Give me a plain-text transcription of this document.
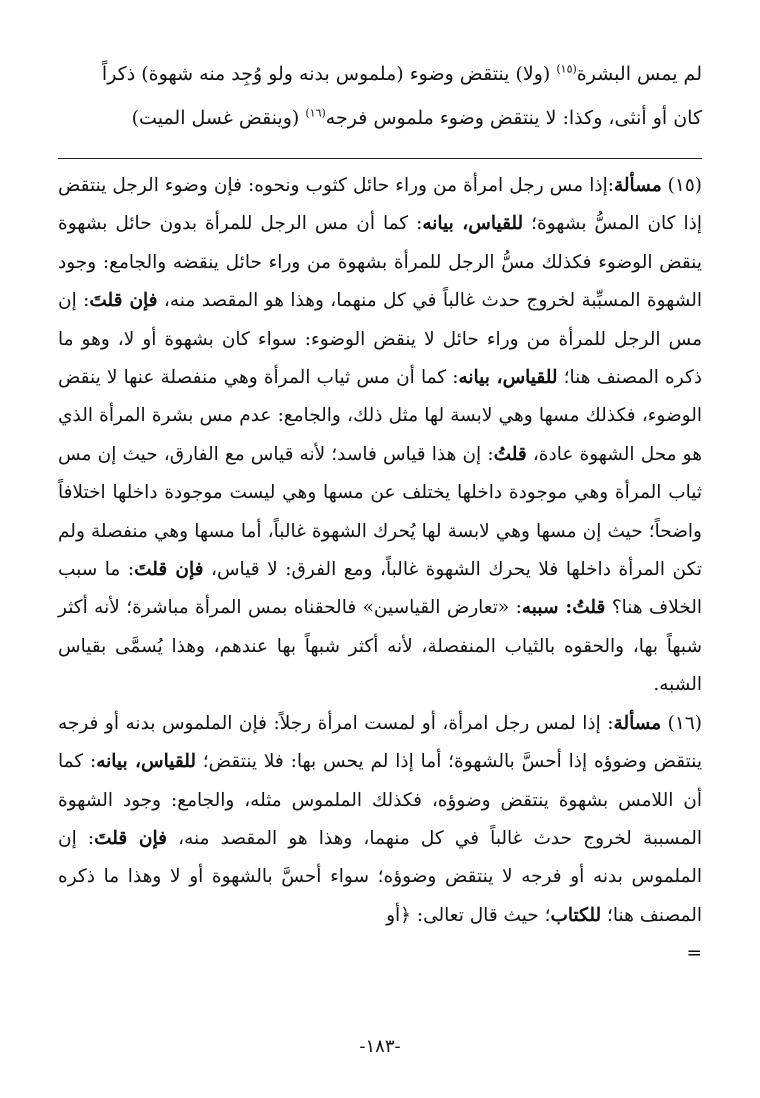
لم يمس البشرة$^{(١٥)}$ (ولا) ينتقض وضوء (ملموس بدنه ولو وُجِد منه شهوة) ذكراً

كان أو أنثى، وكذا: لا ينتقض وضوء ملموس فرجه$^{(١٦)}$ (وينقض غسل الميت)

(١٥) مسألة:إذا مس رجل امرأة من وراء حائل كثوب ونحوه: فإن وضوء الرجل ينتقض إذا كان المسُّ بشهوة؛ للقياس، بيانه: كما أن مس الرجل للمرأة بدون حائل بشهوة ينقض الوضوء فكذلك مسُّ الرجل للمرأة بشهوة من وراء حائل ينقضه والجامع: وجود الشهوة المسبِّبة لخروج حدث غالباً في كل منهما، وهذا هو المقصد منه، فإن قلتَ: إن مس الرجل للمرأة من وراء حائل لا ينقض الوضوء: سواء كان بشهوة أو لا، وهو ما ذكره المصنف هنا؛ للقياس، بيانه: كما أن مس ثياب المرأة وهي منفصلة عنها لا ينقض الوضوء، فكذلك مسها وهي لابسة لها مثل ذلك، والجامع: عدم مس بشرة المرأة الذي هو محل الشهوة عادة، قلتُ: إن هذا قياس فاسد؛ لأنه قياس مع الفارق، حيث إن مس ثياب المرأة وهي موجودة داخلها يختلف عن مسها وهي ليست موجودة داخلها اختلافاً واضحاً؛ حيث إن مسها وهي لابسة لها يُحرك الشهوة غالباً، أما مسها وهي منفصلة ولم تكن المرأة داخلها فلا يحرك الشهوة غالباً، ومع الفرق: لا قياس، فإن قلتَ: ما سبب الخلاف هنا؟ قلتُ: سببه: «تعارض القياسين» فالحقناه بمس المرأة مباشرة؛ لأنه أكثر شبهاً بها، والحقوه بالثياب المنفصلة، لأنه أكثر شبهاً بها عندهم، وهذا يُسمَّى بقياس الشبه.

(١٦) مسألة: إذا لمس رجل امرأة، أو لمست امرأة رجلاً: فإن الملموس بدنه أو فرجه ينتقض وضوؤه إذا أحسَّ بالشهوة؛ أما إذا لم يحس بها: فلا ينتقض؛ للقياس، بيانه: كما أن اللامس بشهوة ينتقض وضوؤه، فكذلك الملموس مثله، والجامع: وجود الشهوة المسببة لخروج حدث غالباً في كل منهما، وهذا هو المقصد منه، فإن قلتَ: إن الملموس بدنه أو فرجه لا ينتقض وضوؤه؛ سواء أحسَّ بالشهوة أو لا وهذا ما ذكره المصنف هنا؛ للكتاب؛ حيث قال تعالى: ﴿أو

=

-١٨٣-
